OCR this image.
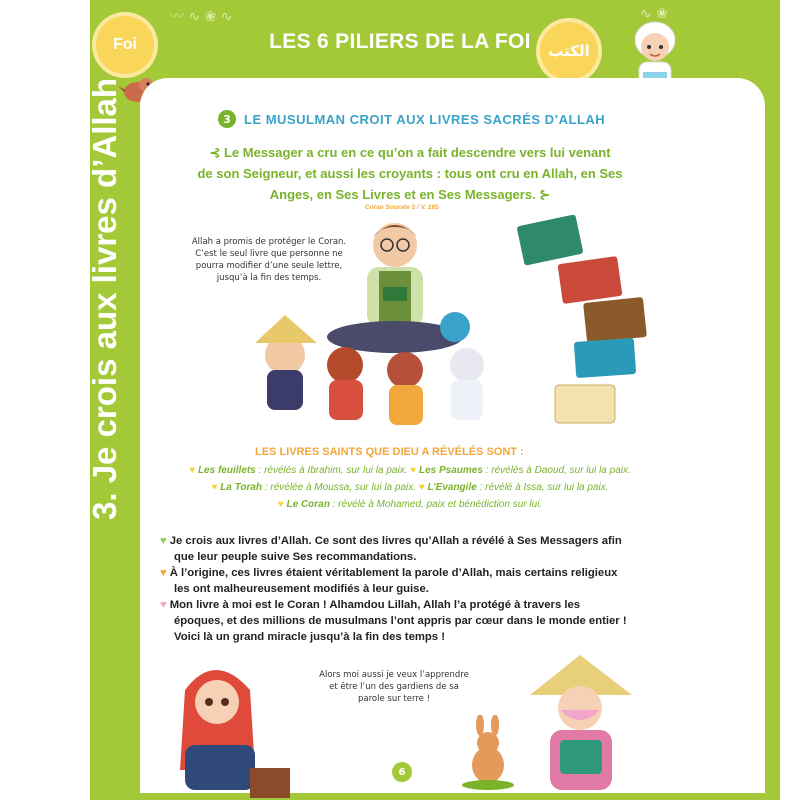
〰︎ ∿ ❀ ∿	∿ ❀
Foi	LES 6 PILIERS DE LA FOI	الكتب
3. Je crois aux livres d’Allah	3	LE MUSULMAN CROIT AUX LIVRES SACRÉS D’ALLAH
⊰ Le Messager a cru en ce qu’on a fait descendre vers lui venant
de son Seigneur, et aussi les croyants : tous ont cru en Allah, en Ses
Anges, en Ses Livres et en Ses Messagers. ⊱
Coran Sourate 2 / V. 285
Allah a promis de protéger le Coran.
C’est le seul livre que personne ne
pourra modifier d’une seule lettre,
jusqu’à la fin des temps.
LES LIVRES SAINTS QUE DIEU A RÉVÉLÉS SONT :
♥ Les feuillets : révélés à Ibrahim, sur lui la paix. ♥ Les Psaumes : révélés à Daoud, sur lui la paix.
♥ La Torah : révélée à Moussa, sur lui la paix. ♥ L’Evangile : révélé à Issa, sur lui la paix.
♥ Le Coran : révélé à Mohamed, paix et bénédiction sur lui.
♥ Je crois aux livres d’Allah. Ce sont des livres qu’Allah a révélé à Ses Messagers afin
que leur peuple suive Ses recommandations.
♥ À l’origine, ces livres étaient véritablement la parole d’Allah, mais certains religieux
les ont malheureusement modifiés à leur guise.
♥ Mon livre à moi est le Coran ! Alhamdou Lillah, Allah l’a protégé à travers les
époques, et des millions de musulmans l’ont appris par cœur dans le monde entier !
Voici là un grand miracle jusqu’à la fin des temps !
Alors moi aussi je veux l’apprendre
et être l’un des gardiens de sa
parole sur terre !
6
